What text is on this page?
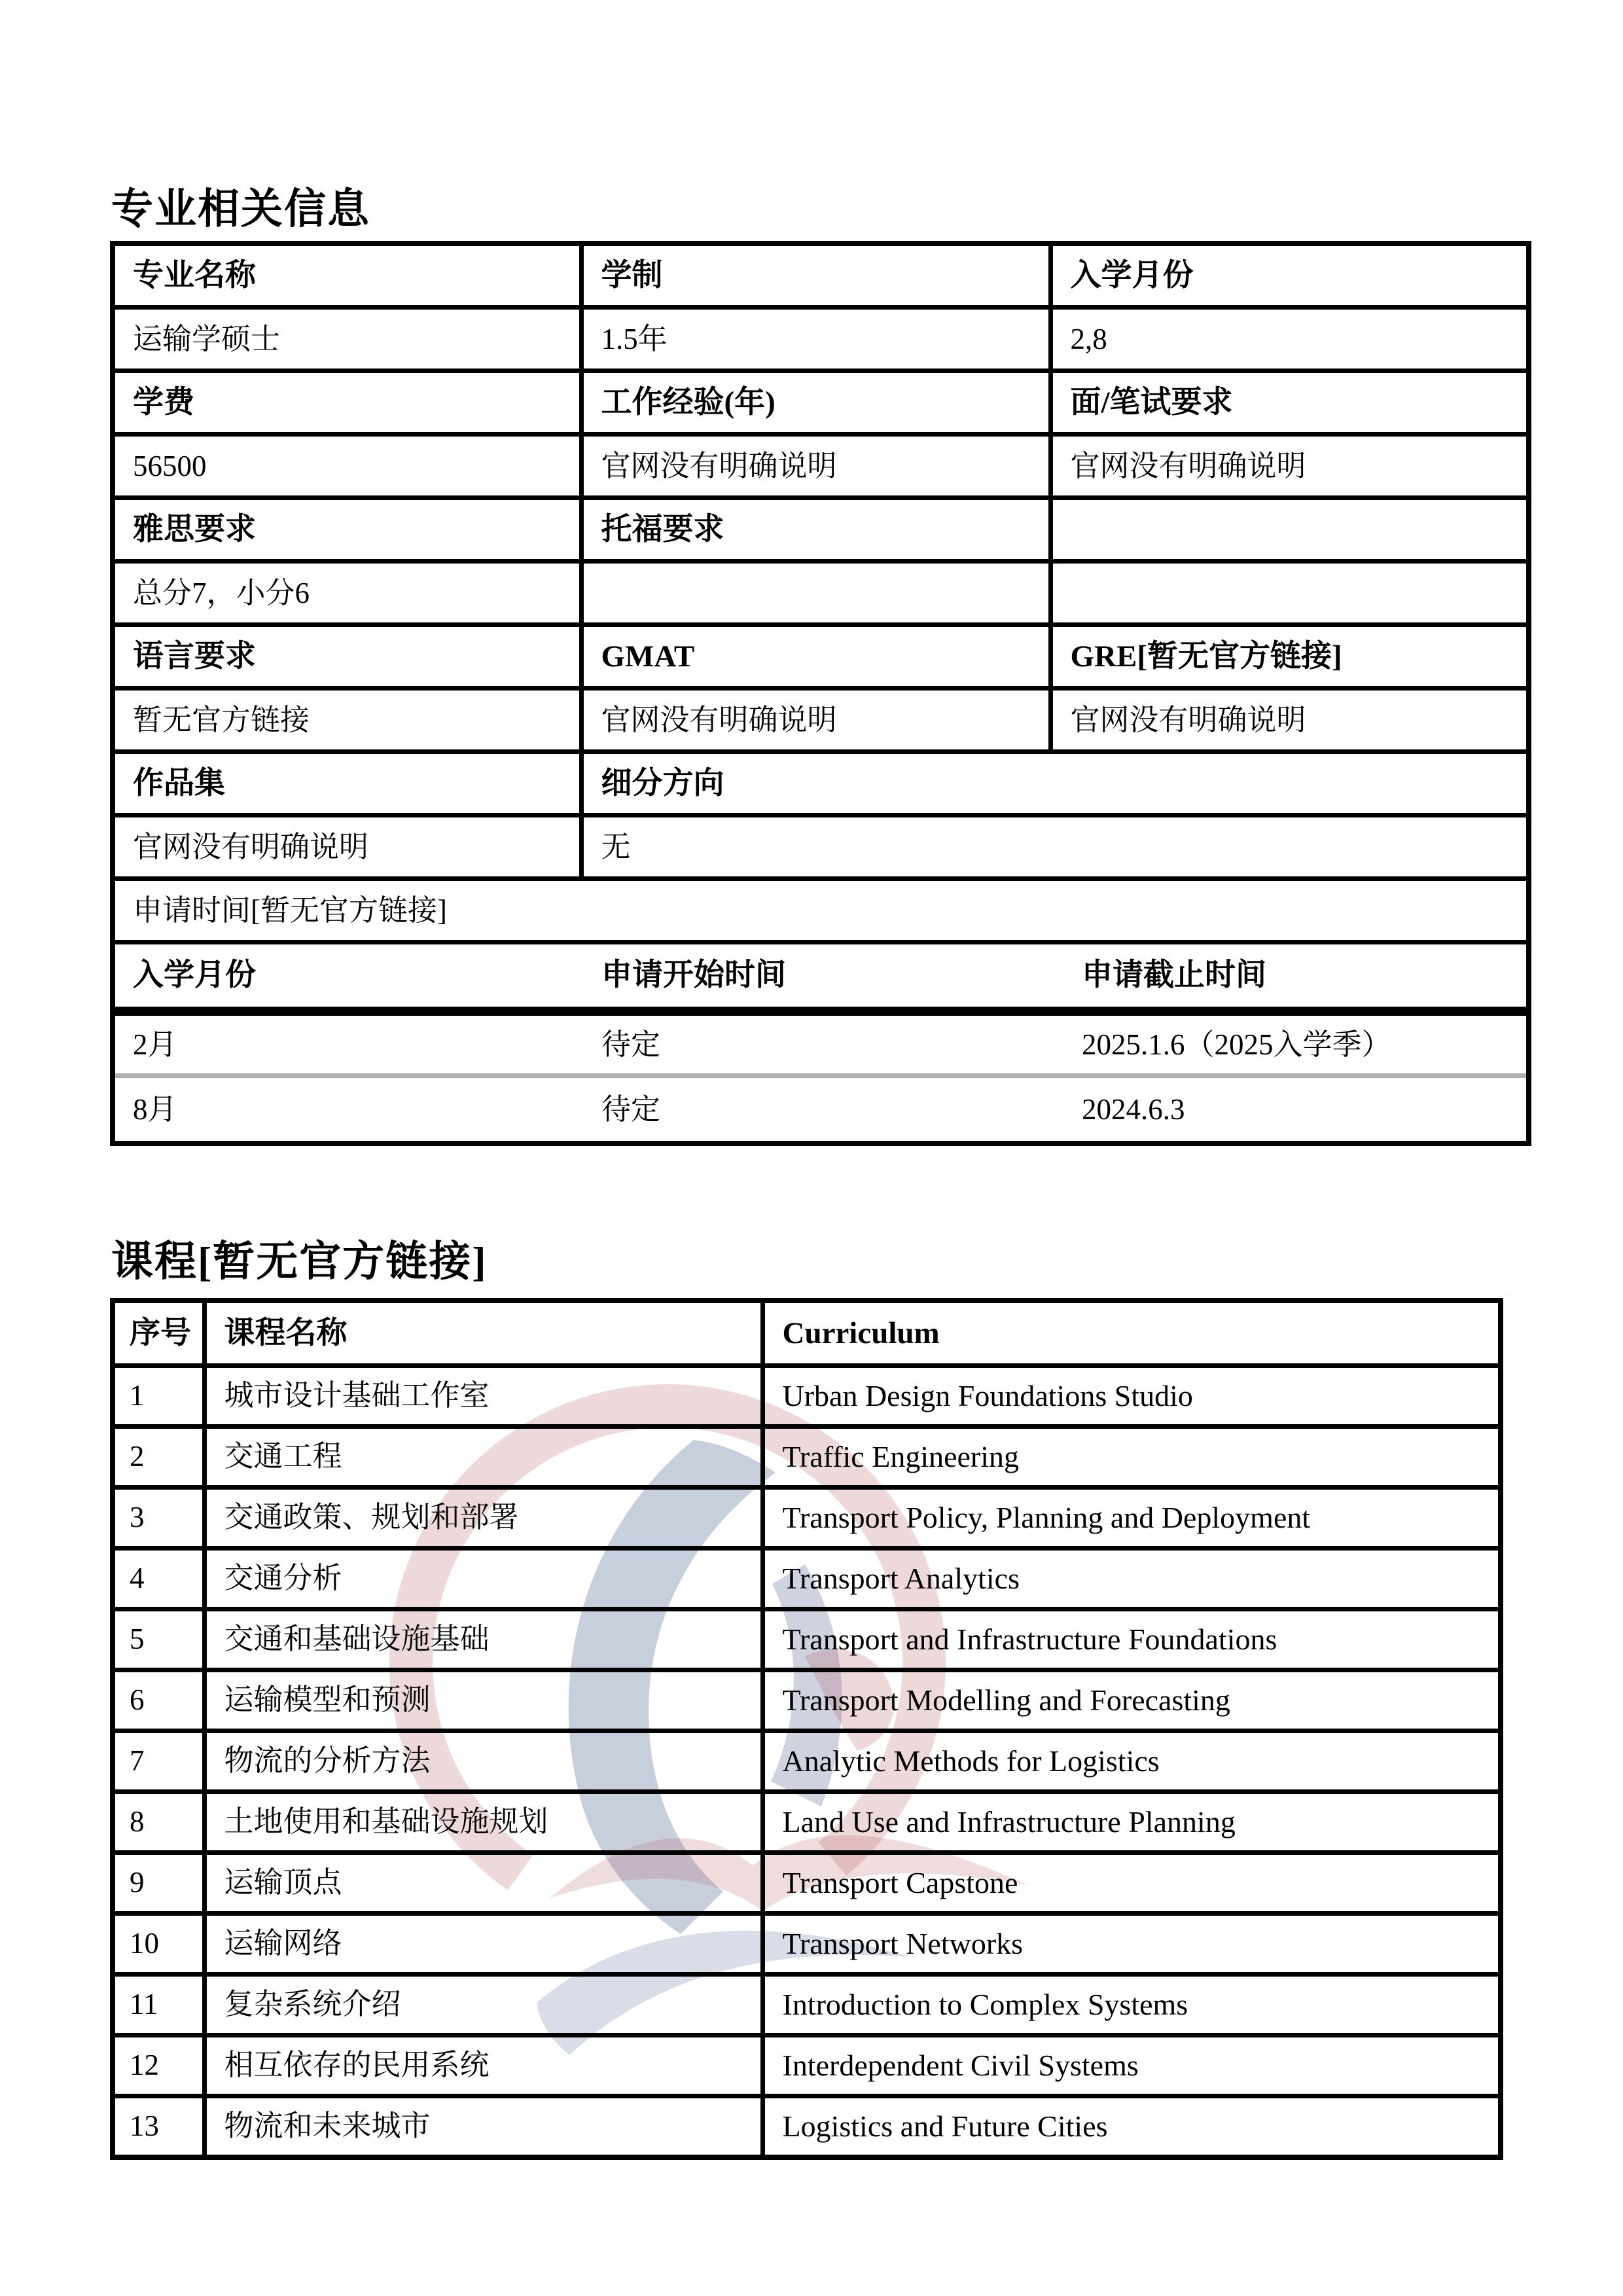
专业相关信息
专业名称	学制	入学月份
运输学硕士	1.5年	2,8
学费	工作经验(年)	面/笔试要求
56500	官网没有明确说明	官网没有明确说明
雅思要求	托福要求	
总分7，小分6		
语言要求	GMAT	GRE[暂无官方链接]
暂无官方链接	官网没有明确说明	官网没有明确说明
作品集	细分方向
官网没有明确说明	无
申请时间[暂无官方链接]

入学月份	申请开始时间	申请截止时间
2月	待定	2025.1.6（2025入学季）
8月	待定	2024.6.3
课程[暂无官方链接]
序号	课程名称	Curriculum
1	城市设计基础工作室	Urban Design Foundations Studio
2	交通工程	Traffic Engineering
3	交通政策、规划和部署	Transport Policy, Planning and Deployment
4	交通分析	Transport Analytics
5	交通和基础设施基础	Transport and Infrastructure Foundations
6	运输模型和预测	Transport Modelling and Forecasting
7	物流的分析方法	Analytic Methods for Logistics
8	土地使用和基础设施规划	Land Use and Infrastructure Planning
9	运输顶点	Transport Capstone
10	运输网络	Transport Networks
11	复杂系统介绍	Introduction to Complex Systems
12	相互依存的民用系统	Interdependent Civil Systems
13	物流和未来城市	Logistics and Future Cities
